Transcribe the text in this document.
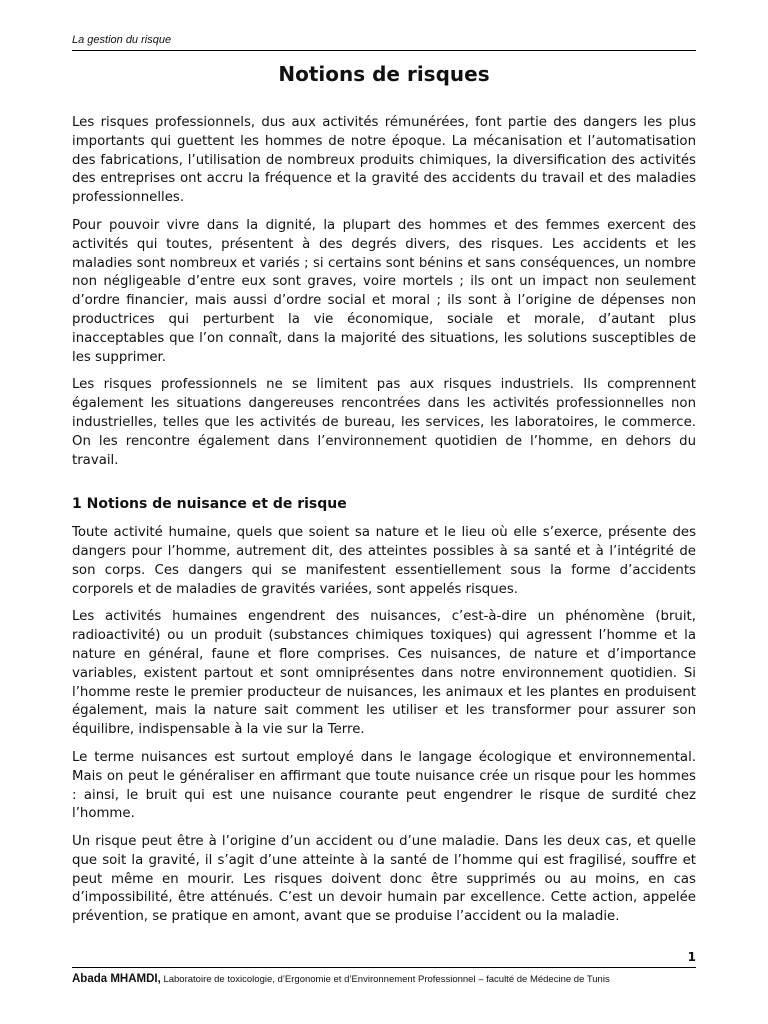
La gestion du risque
Notions de risques

Les risques professionnels, dus aux activités rémunérées, font partie des dangers les plus importants qui guettent les hommes de notre époque. La mécanisation et l’automatisation des fabrications, l’utilisation de nombreux produits chimiques, la diversification des activités des entreprises ont accru la fréquence et la gravité des accidents du travail et des maladies professionnelles.

Pour pouvoir vivre dans la dignité, la plupart des hommes et des femmes exercent des activités qui toutes, présentent à des degrés divers, des risques. Les accidents et les maladies sont nombreux et variés ; si certains sont bénins et sans conséquences, un nombre non négligeable d’entre eux sont graves, voire mortels ; ils ont un impact non seulement d’ordre financier, mais aussi d’ordre social et moral ; ils sont à l’origine de dépenses non productrices qui perturbent la vie économique, sociale et morale, d’autant plus inacceptables que l’on connaît, dans la majorité des situations, les solutions susceptibles de les supprimer.

Les risques professionnels ne se limitent pas aux risques industriels. Ils comprennent également les situations dangereuses rencontrées dans les activités professionnelles non industrielles, telles que les activités de bureau, les services, les laboratoires, le commerce. On les rencontre également dans l’environnement quotidien de l’homme, en dehors du travail.

1 Notions de nuisance et de risque

Toute activité humaine, quels que soient sa nature et le lieu où elle s’exerce, présente des dangers pour l’homme, autrement dit, des atteintes possibles à sa santé et à l’intégrité de son corps. Ces dangers qui se manifestent essentiellement sous la forme d’accidents corporels et de maladies de gravités variées, sont appelés risques.

Les activités humaines engendrent des nuisances, c’est-à-dire un phénomène (bruit, radioactivité) ou un produit (substances chimiques toxiques) qui agressent l’homme et la nature en général, faune et flore comprises. Ces nuisances, de nature et d’importance variables, existent partout et sont omniprésentes dans notre environnement quotidien. Si l’homme reste le premier producteur de nuisances, les animaux et les plantes en produisent également, mais la nature sait comment les utiliser et les transformer pour assurer son équilibre, indispensable à la vie sur la Terre.

Le terme nuisances est surtout employé dans le langage écologique et environnemental. Mais on peut le généraliser en affirmant que toute nuisance crée un risque pour les hommes : ainsi, le bruit qui est une nuisance courante peut engendrer le risque de surdité chez l’homme.

Un risque peut être à l’origine d’un accident ou d’une maladie. Dans les deux cas, et quelle que soit la gravité, il s’agit d’une atteinte à la santé de l’homme qui est fragilisé, souffre et peut même en mourir. Les risques doivent donc être supprimés ou au moins, en cas d’impossibilité, être atténués. C’est un devoir humain par excellence. Cette action, appelée prévention, se pratique en amont, avant que se produise l’accident ou la maladie.

1
Abada MHAMDI, Laboratoire de toxicologie, d’Ergonomie et d’Environnement Professionnel – faculté de Médecine de Tunis
